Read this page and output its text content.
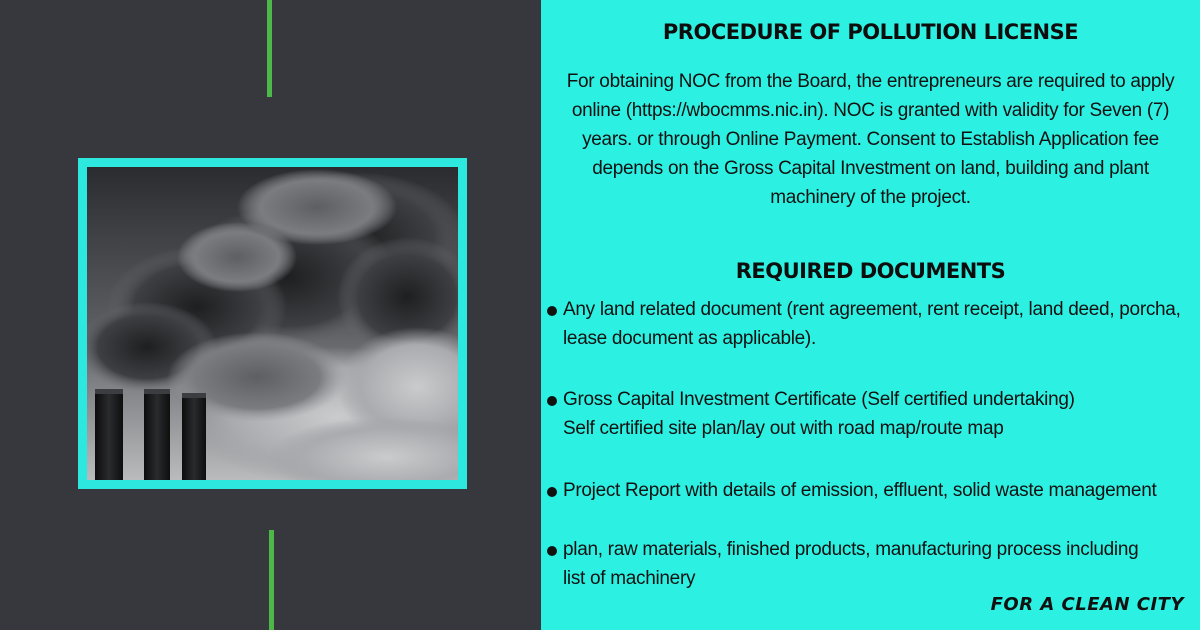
PROCEDURE OF POLLUTION LICENSE
For obtaining NOC from the Board, the entrepreneurs are required to apply online (https://wbocmms.nic.in). NOC is granted with validity for Seven (7) years. or through Online Payment. Consent to Establish Application fee depends on the Gross Capital Investment on land, building and plant machinery of the project.
REQUIRED DOCUMENTS
Any land related document (rent agreement, rent receipt, land deed, porcha,
lease document as applicable).
Gross Capital Investment Certificate (Self certified undertaking)
Self certified site plan/lay out with road map/route map
Project Report with details of emission, effluent, solid waste management
plan, raw materials, finished products, manufacturing process including
list of machinery
FOR A CLEAN CITY
